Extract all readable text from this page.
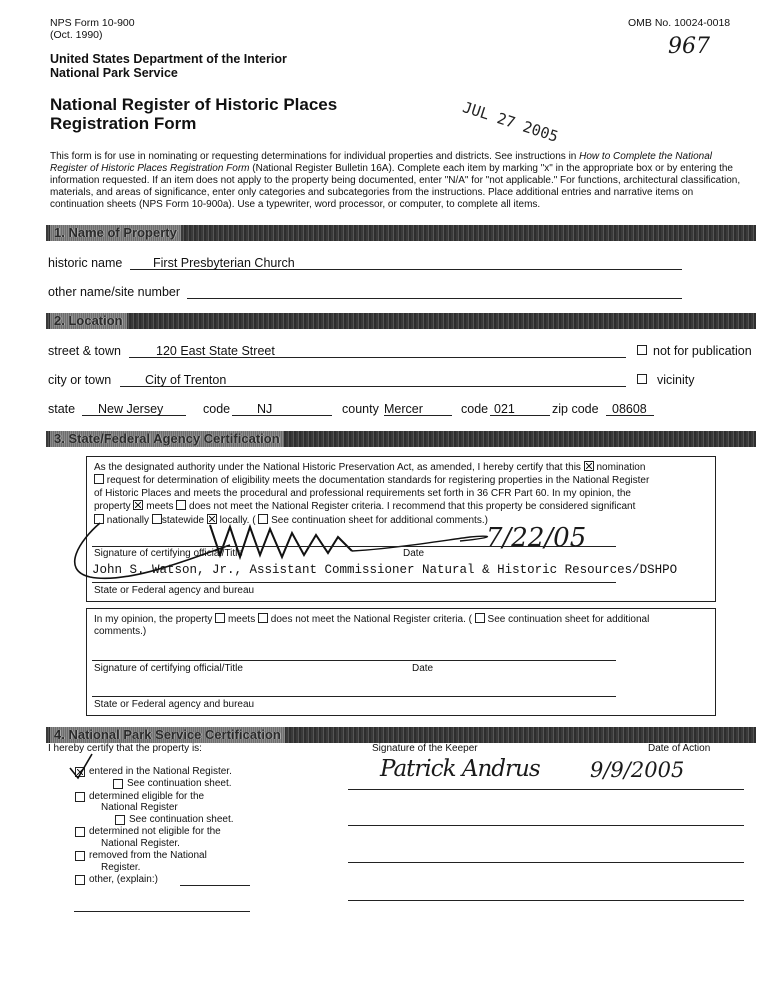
NPS Form 10-900
(Oct. 1990)
OMB No. 10024-0018
967
United States Department of the Interior
National Park Service
National Register of Historic Places
Registration Form	JUL 27 2005
This form is for use in nominating or requesting determinations for individual properties and districts. See instructions in How to Complete the National
Register of Historic Places Registration Form (National Register Bulletin 16A). Complete each item by marking "x" in the appropriate box or by entering the
information requested. If an item does not apply to the property being documented, enter "N/A" for "not applicable." For functions, architectural classification,
materials, and areas of significance, enter only categories and subcategories from the instructions. Place additional entries and narrative items on
continuation sheets (NPS Form 10-900a). Use a typewriter, word processor, or computer, to complete all items.
1. Name of Property
historic name First Presbyterian Church
other name/site number
2. Location
street & town	120 East State Street	not for publication
city or town	City of Trenton	vicinity
state New Jersey	code NJ	county Mercer	code 021	zip code 08608
3. State/Federal Agency Certification
As the designated authority under the National Historic Preservation Act, as amended, I hereby certify that this nomination
request for determination of eligibility meets the documentation standards for registering properties in the National Register
of Historic Places and meets the procedural and professional requirements set forth in 36 CFR Part 60. In my opinion, the
property meets does not meet the National Register criteria. I recommend that this property be considered significant
nationally statewide locally. ( See continuation sheet for additional comments.)
7/22/05
Signature of certifying official/Title	Date
John S. Watson, Jr., Assistant Commissioner Natural & Historic Resources/DSHPO
State or Federal agency and bureau
In my opinion, the property meets does not meet the National Register criteria. ( See continuation sheet for additional
comments.)
Signature of certifying official/Title	Date
State or Federal agency and bureau
4. National Park Service Certification
I hereby certify that the property is:	Signature of the Keeper	Date of Action
Patrick Andrus 9/9/2005
entered in the National Register.
See continuation sheet.
determined eligible for the
National Register
See continuation sheet.
determined not eligible for the
National Register.
removed from the National
Register.
other, (explain:)
